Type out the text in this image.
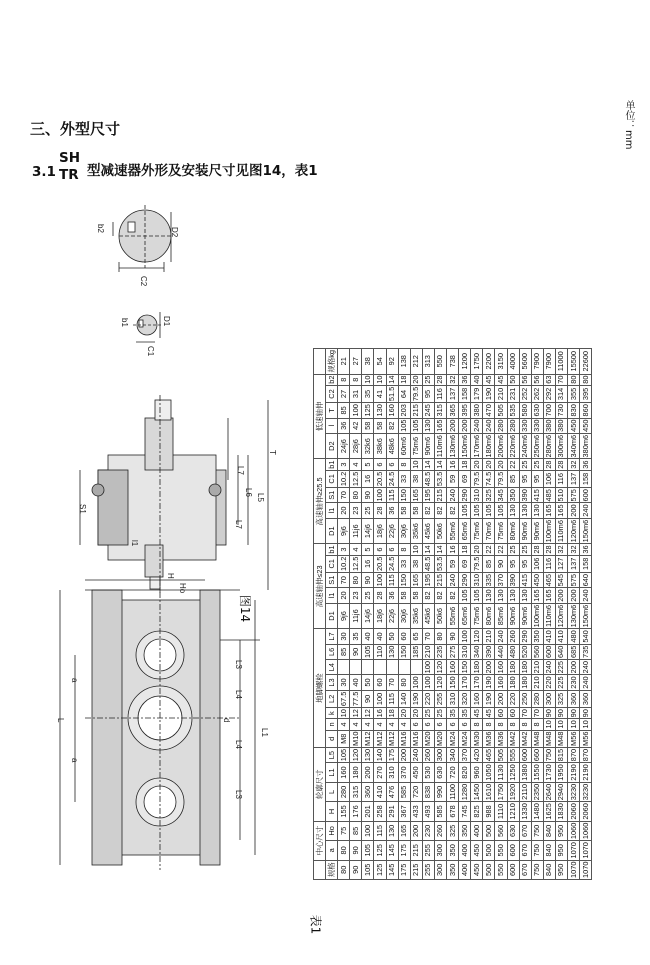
三、外型尺寸
3.1
SH
TR 型减速器外形及安装尺寸见图14，表1
D2
b2
C2
D1
b1
C1
T
L7
L6
L5
S1
L7
l1
H
Ho
L
a
a
L3
L4
L4
L3
L1
d
图14
表1
单位：mm
	中心尺寸		轮廓尺寸				地脚螺栓								高速轴伸≤23					高速轴伸≥25.5					低速轴伸					
规格	a	Ho	H	L	L1	L5	d	n	k	L2	L3	L4	L6	L7	D1	l1	S1	C1	b1	D1	l1	S1	C1	b1	D2	l	T	C2	b2	规格kg
80	80	75	155	280	160	105	M8	4	10	67.5	30		85	30	9j6	20	70	10.2	3	9j6	20	70	10.2	3	24j6	36	85	27	8	21
90	90	85	176	315	180	120	M10	4	12	77.5	40		90	35	11j6	23	80	12.5	4	11j6	23	80	12.5	4	28j6	42	100	31	8	27
105	105	100	201	360	200	130	M12	4	12	90	50		105	40	14j6	25	90	16	5	14j6	25	90	16	5	32k6	58	125	35	10	38
125	125	115	258	410	270	140	M12	4	16	100	60		110	40	18j6	28	100	20.5	6	18j6	28	100	20.5	6	38k6	58	130	41	10	54
145	145	130	291	476	310	175	M12	4	18	115	70		130	50	22j6	36	115	24.5	6	22j6	36	115	24.5	6	48k6	82	160	51.5	14	92
175	175	165	367	585	370	200	M16	4	20	140	80		150	60	30j6	58	150	33	8	30j6	58	150	33	8	60m6	105	203	64	18	138
215	215	200	433	720	450	240	M16	6	20	190	100		185	65	35k6	58	165	38	10	35k6	58	165	38	10	75m6	105	215	79.5	20	212
255	255	230	493	838	530	260	M20	6	25	220	100	100	210	70	45k6	82	195	48.5	14	45k6	82	195	48.5	14	90m6	130	245	95	25	313
300	300	260	585	990	630	300	M20	6	25	255	120	120	235	80	50k6	82	215	53.5	14	50k6	82	215	53.5	14	110m6	165	315	116	28	550
350	350	325	678	1100	720	340	M24	6	35	310	150	160	275	90	55m6	82	240	59	16	55m6	82	240	59	16	130m6	200	365	137	32	738
400	400	350	745	1280	820	370	M24	6	35	320	170	150	310	100	65m6	105	290	69	18	65m6	105	290	69	18	150m6	200	395	158	36	1200
450	450	400	825	1450	960	420	M30	8	45	160	170	180	340	120	75m6	105	310	79.5	20	75m6	105	310	79.5	20	170m6	240	380	179	40	1750
500	500	500	988	1610	1050	465	M36	8	45	190	190	200	390	210	80m6	130	335	85	22	70m6	105	325	74.5	20	180m6	240	470	190	45	2200
550	550	560	1110	1750	1130	505	M36	8	60	200	160	160	440	240	85m6	130	370	90	22	75m6	105	345	79.5	20	200m6	280	505	210	45	3150
600	600	630	1210	1920	1250	555	M42	8	60	220	180	180	480	260	90m6	130	390	95	25	80m6	130	350	85	22	220m6	280	535	231	50	4000
670	670	670	1330	2110	1380	600	M42	8	70	250	180	180	520	290	90m6	130	415	95	25	90m6	130	390	95	25	240m6	330	580	252	56	5600
750	750	750	1480	2350	1550	660	M48	8	70	280	210	210	560	350	100m6	165	450	106	28	90m6	130	415	95	25	250m6	330	630	262	56	7900
840	840	840	1625	2640	1730	750	M48	10	90	300	220	240	600	410	110m6	165	465	116	28	100m6	165	485	106	28	280m6	380	700	292	63	7900
950	950	950	1830	2940	1950	815	M48	10	90	325	225	225	640	410	120m6	200	545	127	32	110m6	165	510	116	28	300m6	380	730	314	70	11000
1070	1070	1060	2060	3230	2190	870	M56	10	90	360	230	200	685	480	130m6	200	575	137	32	120m6	200	575	137	32	340m6	450	830	355	80	15500
1070	1070	1060	2060	3230	2190	870	M56	10	90	360	240	240	735	540	150m6	240	640	158	36	150m6	240	600	158	36	380m6	450	860	395	80	22600
